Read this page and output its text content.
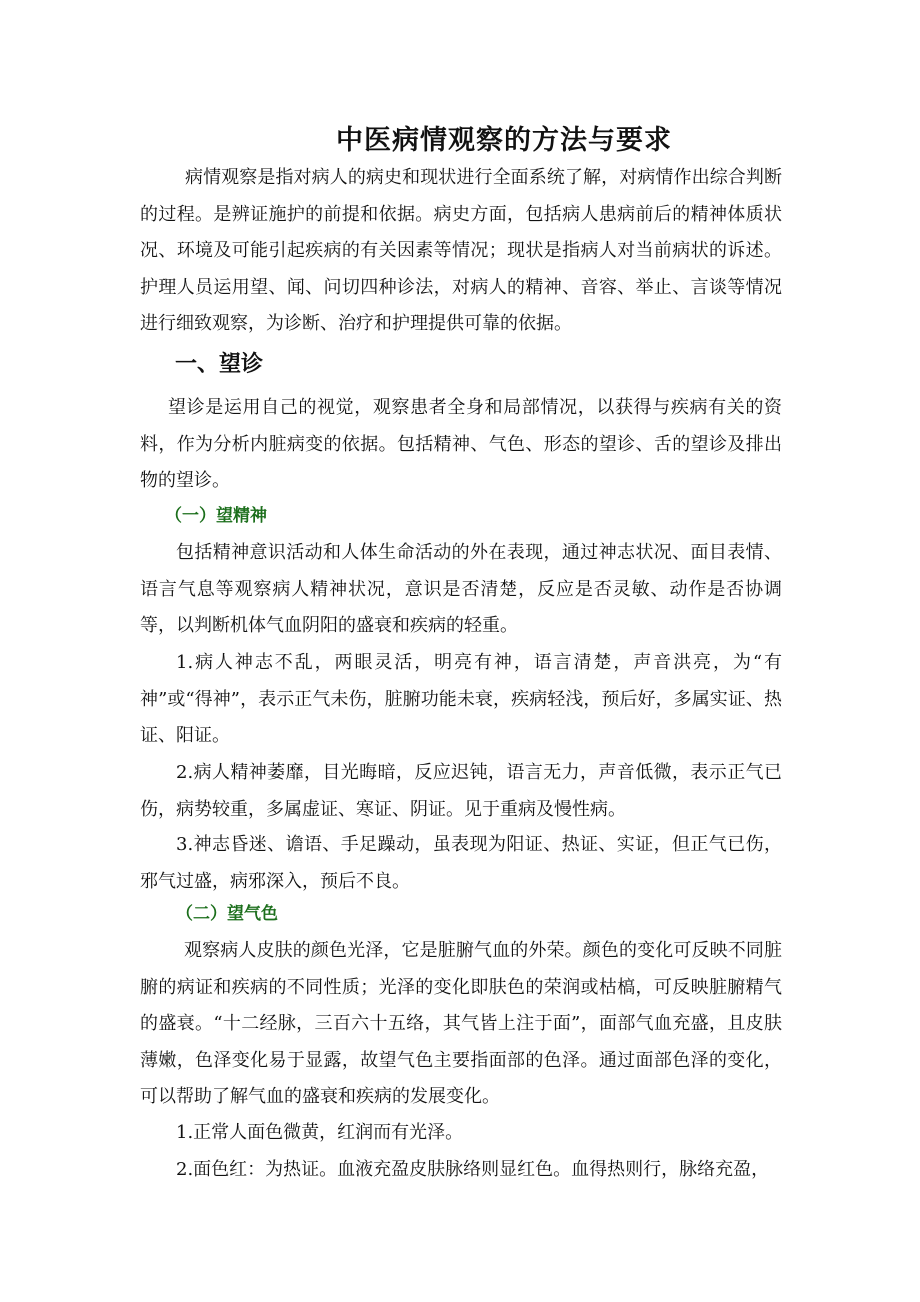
中医病情观察的方法与要求

病情观察是指对病人的病史和现状进行全面系统了解，对病情作出综合判断的过程。是辨证施护的前提和依据。病史方面，包括病人患病前后的精神体质状况、环境及可能引起疾病的有关因素等情况；现状是指病人对当前病状的诉述。护理人员运用望、闻、问切四种诊法，对病人的精神、音容、举止、言谈等情况进行细致观察，为诊断、治疗和护理提供可靠的依据。

一、望诊

望诊是运用自己的视觉，观察患者全身和局部情况，以获得与疾病有关的资料，作为分析内脏病变的依据。包括精神、气色、形态的望诊、舌的望诊及排出物的望诊。

（一）望精神

包括精神意识活动和人体生命活动的外在表现，通过神志状况、面目表情、语言气息等观察病人精神状况，意识是否清楚，反应是否灵敏、动作是否协调等，以判断机体气血阴阳的盛衰和疾病的轻重。

1.病人神志不乱，两眼灵活，明亮有神，语言清楚，声音洪亮，为“有神”或“得神”，表示正气未伤，脏腑功能未衰，疾病轻浅，预后好，多属实证、热证、阳证。

2.病人精神萎靡，目光晦暗，反应迟钝，语言无力，声音低微，表示正气已伤，病势较重，多属虚证、寒证、阴证。见于重病及慢性病。

3.神志昏迷、谵语、手足躁动，虽表现为阳证、热证、实证，但正气已伤，邪气过盛，病邪深入，预后不良。

（二）望气色

观察病人皮肤的颜色光泽，它是脏腑气血的外荣。颜色的变化可反映不同脏腑的病证和疾病的不同性质；光泽的变化即肤色的荣润或枯槁，可反映脏腑精气的盛衰。“十二经脉，三百六十五络，其气皆上注于面”，面部气血充盛，且皮肤薄嫩，色泽变化易于显露，故望气色主要指面部的色泽。通过面部色泽的变化，可以帮助了解气血的盛衰和疾病的发展变化。

1.正常人面色微黄，红润而有光泽。

2.面色红：为热证。血液充盈皮肤脉络则显红色。血得热则行，脉络充盈，
